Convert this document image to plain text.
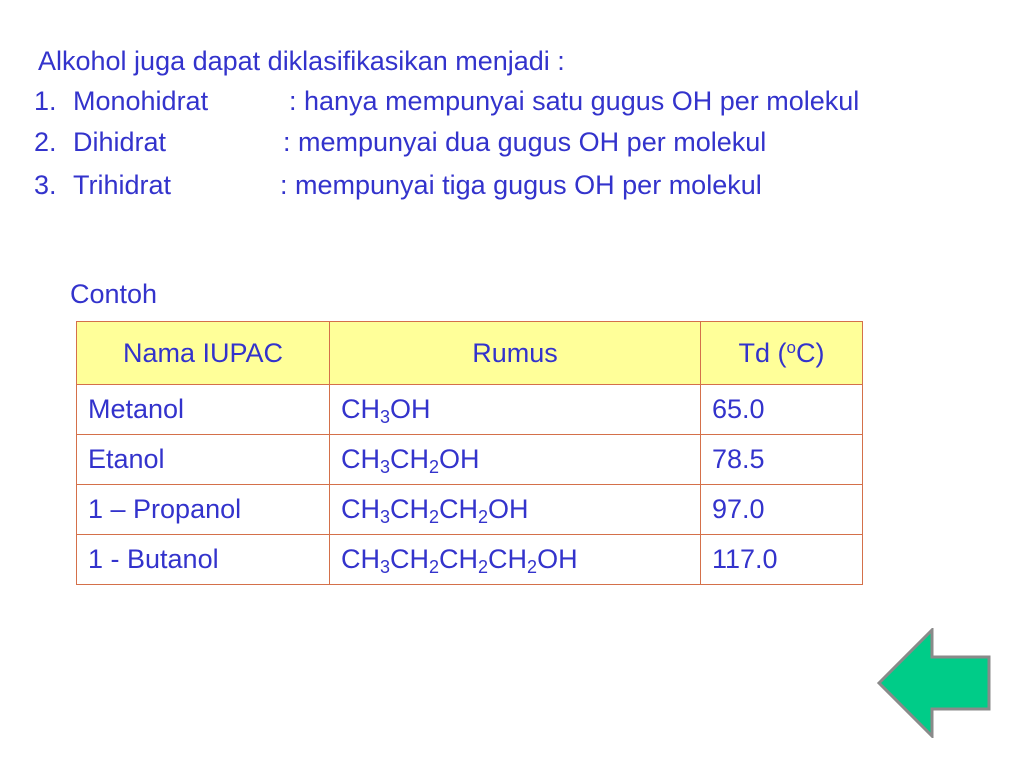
Alkohol juga dapat diklasifikasikan menjadi :
1. Monohidrat	: hanya mempunyai satu gugus OH per molekul
2. Dihidrat	: mempunyai dua gugus OH per molekul
3. Trihidrat	: mempunyai tiga gugus OH per molekul
Contoh
Nama IUPAC	Rumus	Td ($^o$C)
Metanol	$CH_3OH$	65.0
Etanol	$CH_3CH_2OH$	78.5
1 – Propanol	$CH_3CH_2CH_2OH$	97.0
1 - Butanol	$CH_3CH_2CH_2CH_2OH$	117.0
